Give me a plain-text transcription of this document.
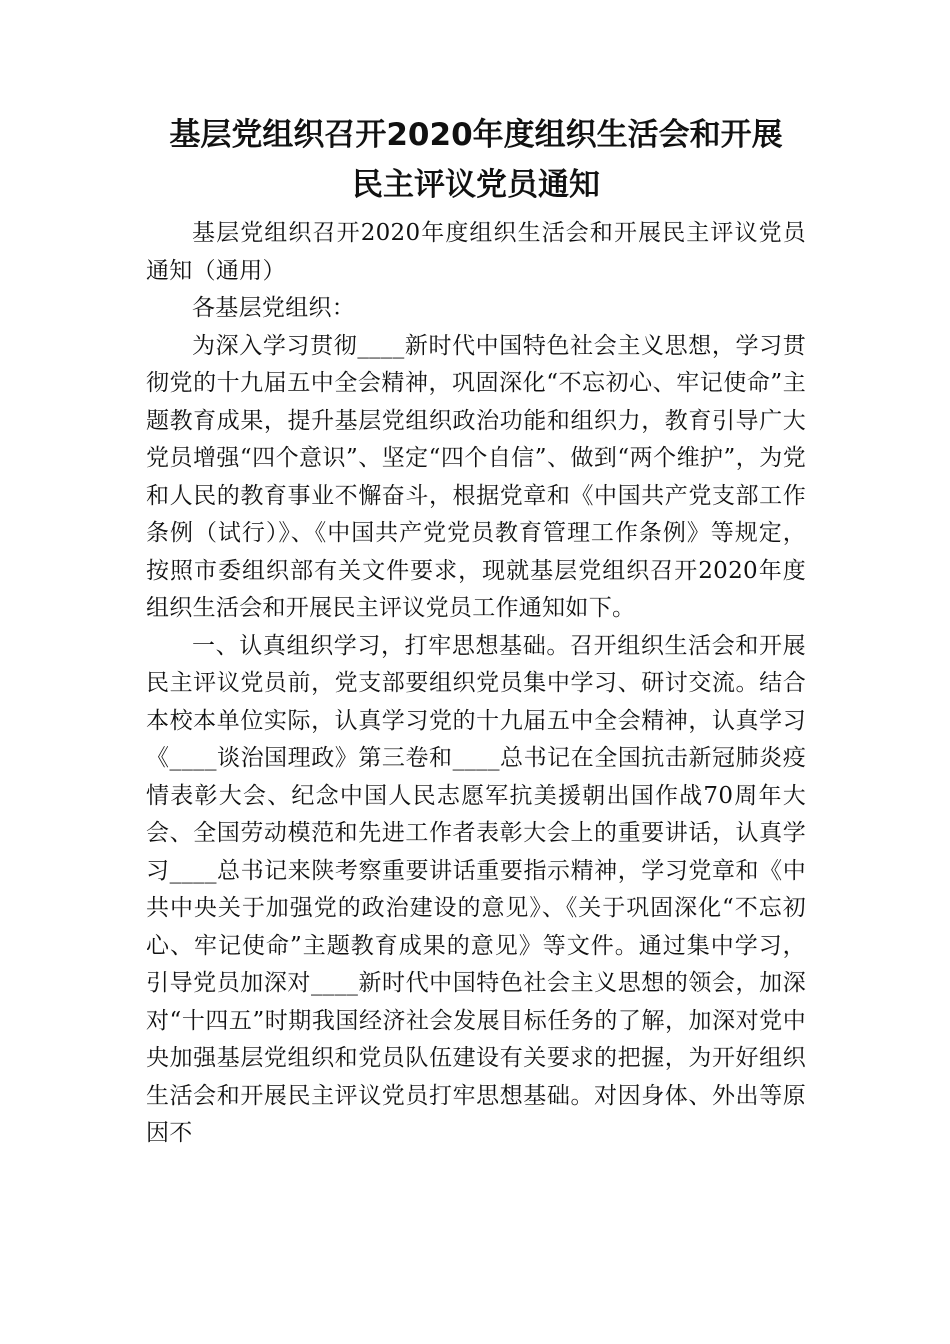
基层党组织召开2020年度组织生活会和开展
民主评议党员通知

基层党组织召开2020年度组织生活会和开展民主评议党员通知（通用）

各基层党组织：

为深入学习贯彻____新时代中国特色社会主义思想，学习贯彻党的十九届五中全会精神，巩固深化“不忘初心、牢记使命”主题教育成果，提升基层党组织政治功能和组织力，教育引导广大党员增强“四个意识”、坚定“四个自信”、做到“两个维护”，为党和人民的教育事业不懈奋斗，根据党章和《中国共产党支部工作条例（试行）》、《中国共产党党员教育管理工作条例》等规定，按照市委组织部有关文件要求，现就基层党组织召开2020年度组织生活会和开展民主评议党员工作通知如下。

一、认真组织学习，打牢思想基础。召开组织生活会和开展民主评议党员前，党支部要组织党员集中学习、研讨交流。结合本校本单位实际，认真学习党的十九届五中全会精神，认真学习《____谈治国理政》第三卷和____总书记在全国抗击新冠肺炎疫情表彰大会、纪念中国人民志愿军抗美援朝出国作战70周年大会、全国劳动模范和先进工作者表彰大会上的重要讲话，认真学习____总书记来陕考察重要讲话重要指示精神，学习党章和《中共中央关于加强党的政治建设的意见》、《关于巩固深化“不忘初心、牢记使命”主题教育成果的意见》等文件。通过集中学习，引导党员加深对____新时代中国特色社会主义思想的领会，加深对“十四五”时期我国经济社会发展目标任务的了解，加深对党中央加强基层党组织和党员队伍建设有关要求的把握，为开好组织生活会和开展民主评议党员打牢思想基础。对因身体、外出等原因不
